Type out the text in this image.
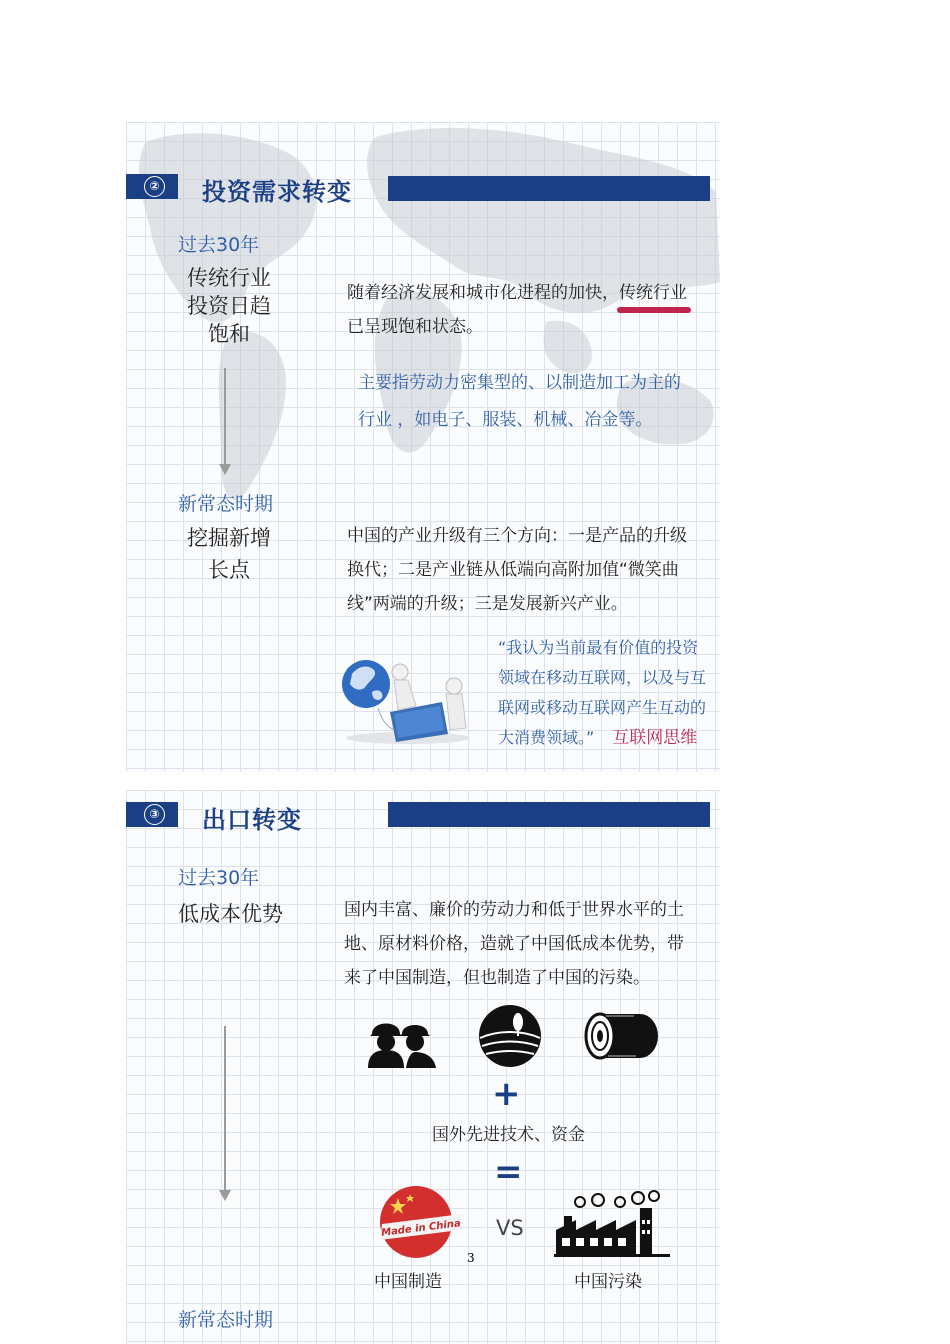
② 投资需求转变
过去30年
传统行业
投资日趋
饱和
随着经济发展和城市化进程的加快，传统行业

已呈现饱和状态。
主要指劳动力密集型的、以制造加工为主的
行业 ，如电子、服装、机械、冶金等。
新常态时期
挖掘新增
长点
中国的产业升级有三个方向：一是产品的升级
换代；二是产业链从低端向高附加值“微笑曲
线”两端的升级；三是发展新兴产业。
“我认为当前最有价值的投资
领域在移动互联网，以及与互
联网或移动互联网产生互动的
大消费领域。” 互联网思维
③ 出口转变
过去30年
低成本优势	国内丰富、廉价的劳动力和低于世界水平的土
地、原材料价格，造就了中国低成本优势，带
来了中国制造，但也制造了中国的污染。
+
国外先进技术、资金
=
Made in China VS
中国制造	中国污染
新常态时期
3
